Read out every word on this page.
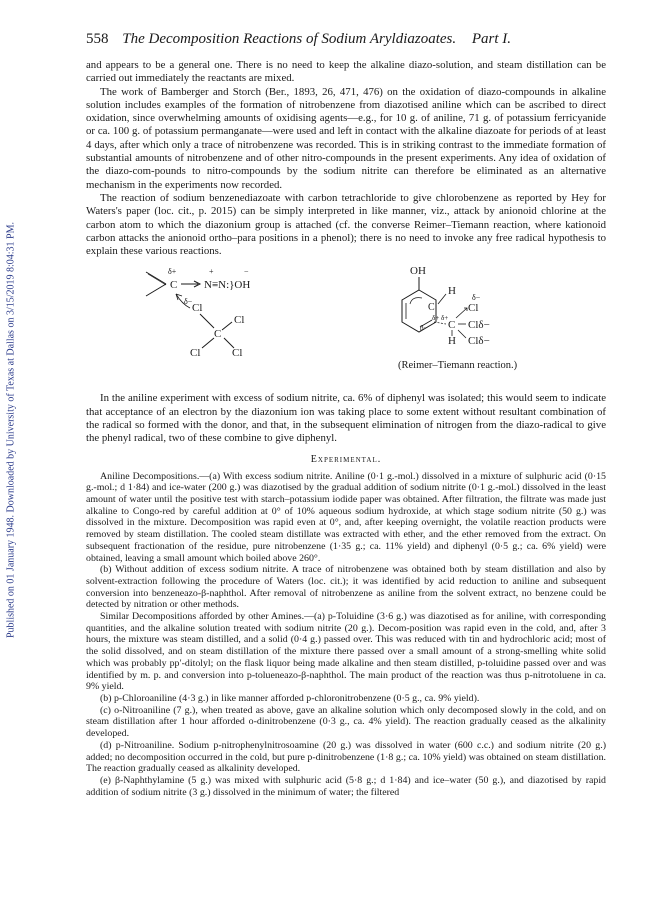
Published on 01 January 1948. Downloaded by University of Texas at Dallas on 3/15/2019 8:04:31 PM.
558 The Decomposition Reactions of Sodium Aryldiazoates. Part I.

and appears to be a general one. There is no need to keep the alkaline diazo-solution, and steam distillation can be carried out immediately the reactants are mixed.

The work of Bamberger and Storch (Ber., 1893, 26, 471, 476) on the oxidation of diazo-compounds in alkaline solution includes examples of the formation of nitrobenzene from diazotised aniline which can be ascribed to direct oxidation, since overwhelming amounts of oxidising agents—e.g., for 10 g. of aniline, 71 g. of potassium ferricyanide or ca. 100 g. of potassium permanganate—were used and left in contact with the alkaline diazoate for periods of at least 4 days, after which only a trace of nitrobenzene was recorded. This is in striking contrast to the immediate formation of substantial amounts of nitrobenzene and of other nitro-compounds in the present experiments. Any idea of oxidation of the diazo-com-pounds to nitro-compounds by the sodium nitrite can therefore be eliminated as an alternative mechanism in the experiments now recorded.

The reaction of sodium benzenediazoate with carbon tetrachloride to give chlorobenzene as reported by Hey for Waters's paper (loc. cit., p. 2015) can be simply interpreted in like manner, viz., attack by anionoid chlorine at the carbon atom to which the diazonium group is attached (cf. the converse Reimer–Tiemann reaction, where kationoid carbon attacks the anionoid ortho–para positions in a phenol); there is no need to invoke any free radical hypothesis to explain these various reactions.

δ+
C
+	−
N≡N:}OH
δ−
Cl
Cl
C
Cl	Cl
OH
C
H
δ−
Cl
δ+ δ+
β− C Clδ−
H Clδ−
(Reimer–Tiemann reaction.)

In the aniline experiment with excess of sodium nitrite, ca. 6% of diphenyl was isolated; this would seem to indicate that acceptance of an electron by the diazonium ion was taking place to some extent without resultant combination of the radical so formed with the donor, and that, in the subsequent elimination of nitrogen from the diazo-radical to give the phenyl radical, two of these combine to give diphenyl.

Experimental.

Aniline Decompositions.—(a) With excess sodium nitrite. Aniline (0·1 g.-mol.) dissolved in a mixture of sulphuric acid (0·15 g.-mol.; d 1·84) and ice-water (200 g.) was diazotised by the gradual addition of sodium nitrite (0·1 g.-mol.) dissolved in the least amount of water until the positive test with starch–potassium iodide paper was obtained. After filtration, the filtrate was made just alkaline to Congo-red by careful addition at 0° of 10% aqueous sodium hydroxide, at which stage sodium nitrite (50 g.) was dissolved in the mixture. Decomposition was rapid even at 0°, and, after keeping overnight, the volatile reaction products were removed by steam distillation. The cooled steam distillate was extracted with ether, and the ether removed from the extract. On subsequent fractionation of the residue, pure nitrobenzene (1·35 g.; ca. 11% yield) and diphenyl (0·5 g.; ca. 6% yield) were obtained, leaving a small amount which boiled above 260°.

(b) Without addition of excess sodium nitrite. A trace of nitrobenzene was obtained both by steam distillation and also by solvent-extraction following the procedure of Waters (loc. cit.); it was identified by acid reduction to aniline and subsequent conversion into benzeneazo-β-naphthol. After removal of nitrobenzene as aniline from the solvent extract, no benzene could be detected by nitration or other methods.

Similar Decompositions afforded by other Amines.—(a) p-Toluidine (3·6 g.) was diazotised as for aniline, with corresponding quantities, and the alkaline solution treated with sodium nitrite (20 g.). Decom-position was rapid even in the cold, and, after 3 hours, the mixture was steam distilled, and a solid (0·4 g.) passed over. This was reduced with tin and hydrochloric acid; most of the solid dissolved, and on steam distillation of the mixture there passed over a small amount of a strong-smelling white solid which was probably pp′-ditolyl; on the flask liquor being made alkaline and then steam distilled, p-toluidine passed over and was identified by m. p. and conversion into p-tolueneazo-β-naphthol. The main product of the reaction was thus p-nitrotoluene in ca. 9% yield.

(b) p-Chloroaniline (4·3 g.) in like manner afforded p-chloronitrobenzene (0·5 g., ca. 9% yield).

(c) o-Nitroaniline (7 g.), when treated as above, gave an alkaline solution which only decomposed slowly in the cold, and on steam distillation after 1 hour afforded o-dinitrobenzene (0·3 g., ca. 4% yield). The reaction gradually ceased as the alkalinity developed.

(d) p-Nitroaniline. Sodium p-nitrophenylnitrosoamine (20 g.) was dissolved in water (600 c.c.) and sodium nitrite (20 g.) added; no decomposition occurred in the cold, but pure p-dinitrobenzene (1·8 g.; ca. 10% yield) was obtained on steam distillation. The reaction gradually ceased as alkalinity developed.

(e) β-Naphthylamine (5 g.) was mixed with sulphuric acid (5·8 g.; d 1·84) and ice–water (50 g.), and diazotised by rapid addition of sodium nitrite (3 g.) dissolved in the minimum of water; the filtered
